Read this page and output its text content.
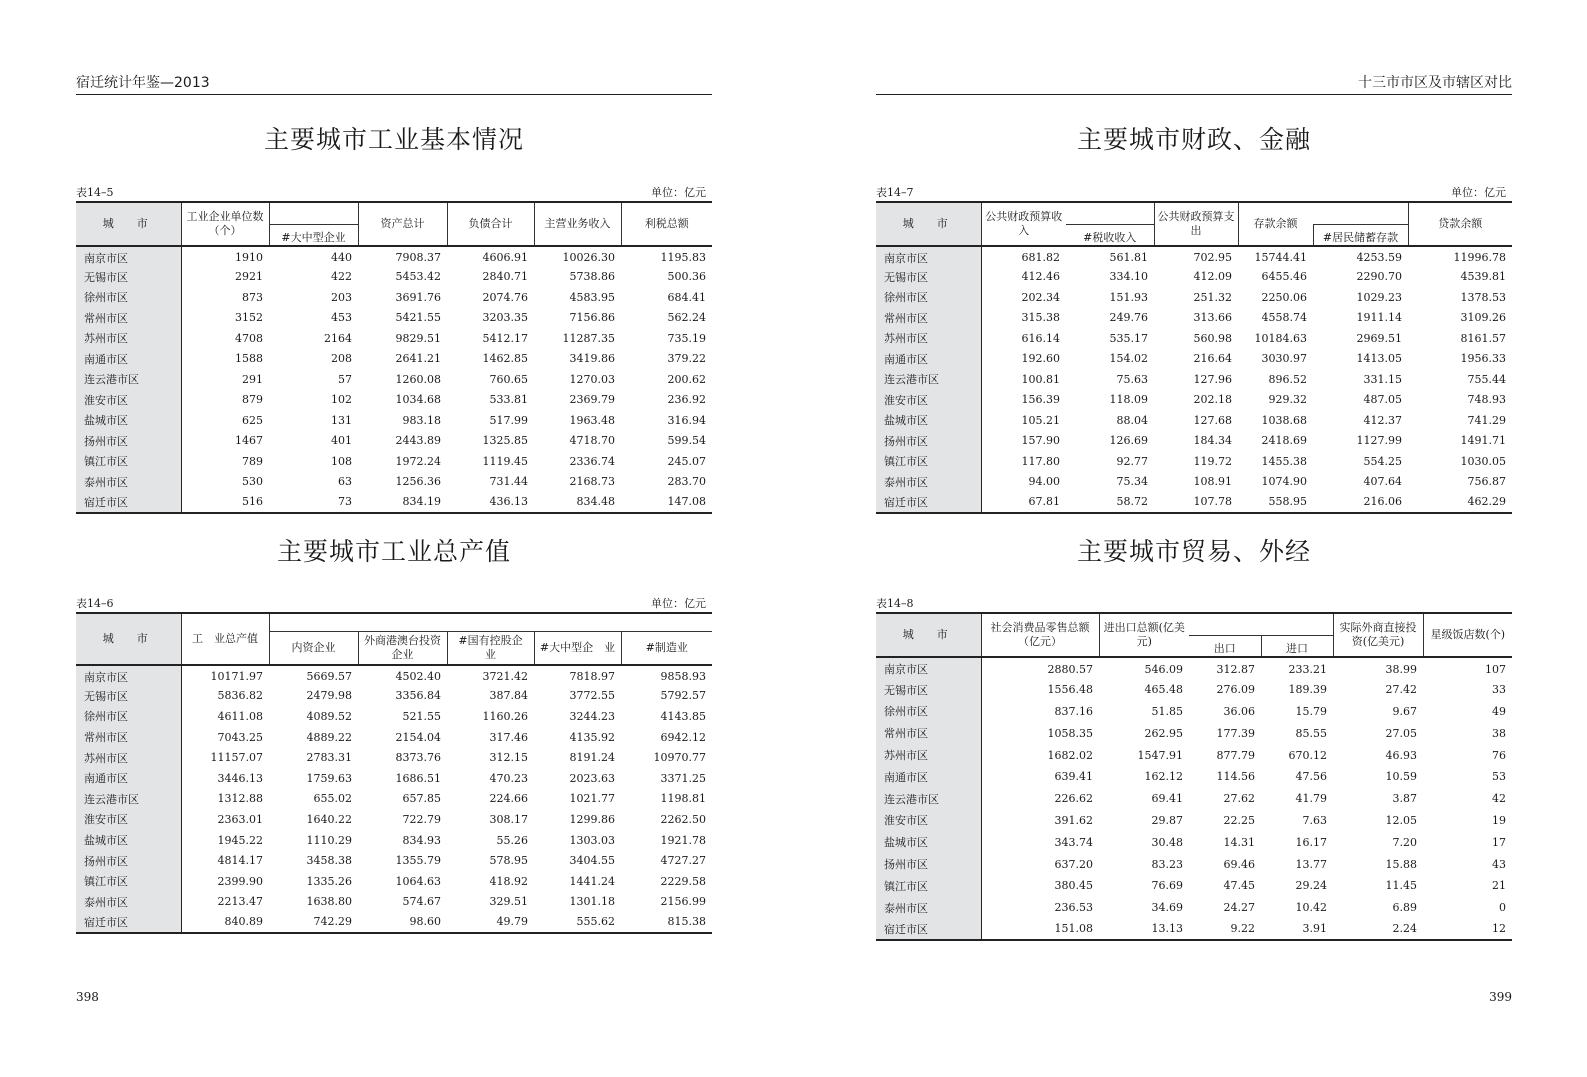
宿迁统计年鉴—2013
主要城市工业基本情况
表14–5	单位：亿元
城　市	工业企业单位数（个）		资产总计	负债合计	主营业务收入	利税总额
		#大中型企业				
南京市区	1910	440	7908.37	4606.91	10026.30	1195.83
无锡市区	2921	422	5453.42	2840.71	5738.86	500.36
徐州市区	873	203	3691.76	2074.76	4583.95	684.41
常州市区	3152	453	5421.55	3203.35	7156.86	562.24
苏州市区	4708	2164	9829.51	5412.17	11287.35	735.19
南通市区	1588	208	2641.21	1462.85	3419.86	379.22
连云港市区	291	57	1260.08	760.65	1270.03	200.62
淮安市区	879	102	1034.68	533.81	2369.79	236.92
盐城市区	625	131	983.18	517.99	1963.48	316.94
扬州市区	1467	401	2443.89	1325.85	4718.70	599.54
镇江市区	789	108	1972.24	1119.45	2336.74	245.07
泰州市区	530	63	1256.36	731.44	2168.73	283.70
宿迁市区	516	73	834.19	436.13	834.48	147.08
主要城市工业总产值
表14–6	单位：亿元
城　市	工　业总产值					
		内资企业	外商港澳台投资企业	#国有控股企　业	#大中型企　业	#制造业
南京市区	10171.97	5669.57	4502.40	3721.42	7818.97	9858.93
无锡市区	5836.82	2479.98	3356.84	387.84	3772.55	5792.57
徐州市区	4611.08	4089.52	521.55	1160.26	3244.23	4143.85
常州市区	7043.25	4889.22	2154.04	317.46	4135.92	6942.12
苏州市区	11157.07	2783.31	8373.76	312.15	8191.24	10970.77
南通市区	3446.13	1759.63	1686.51	470.23	2023.63	3371.25
连云港市区	1312.88	655.02	657.85	224.66	1021.77	1198.81
淮安市区	2363.01	1640.22	722.79	308.17	1299.86	2262.50
盐城市区	1945.22	1110.29	834.93	55.26	1303.03	1921.78
扬州市区	4814.17	3458.38	1355.79	578.95	3404.55	4727.27
镇江市区	2399.90	1335.26	1064.63	418.92	1441.24	2229.58
泰州市区	2213.47	1638.80	574.67	329.51	1301.18	2156.99
宿迁市区	840.89	742.29	98.60	49.79	555.62	815.38
398
十三市市区及市辖区对比
主要城市财政、金融
表14–7	单位：亿元
城　市	公共财政预算收入		公共财政预算支出	存款余额		贷款余额
		#税收收入			#居民储蓄存款	
南京市区	681.82	561.81	702.95	15744.41	4253.59	11996.78
无锡市区	412.46	334.10	412.09	6455.46	2290.70	4539.81
徐州市区	202.34	151.93	251.32	2250.06	1029.23	1378.53
常州市区	315.38	249.76	313.66	4558.74	1911.14	3109.26
苏州市区	616.14	535.17	560.98	10184.63	2969.51	8161.57
南通市区	192.60	154.02	216.64	3030.97	1413.05	1956.33
连云港市区	100.81	75.63	127.96	896.52	331.15	755.44
淮安市区	156.39	118.09	202.18	929.32	487.05	748.93
盐城市区	105.21	88.04	127.68	1038.68	412.37	741.29
扬州市区	157.90	126.69	184.34	2418.69	1127.99	1491.71
镇江市区	117.80	92.77	119.72	1455.38	554.25	1030.05
泰州市区	94.00	75.34	108.91	1074.90	407.64	756.87
宿迁市区	67.81	58.72	107.78	558.95	216.06	462.29
主要城市贸易、外经
表14–8
城　市	社会消费品零售总额（亿元）	进出口总额(亿美元)			实际外商直接投资(亿美元)	星级饭店数(个)
			出口	进口		
南京市区	2880.57	546.09	312.87	233.21	38.99	107
无锡市区	1556.48	465.48	276.09	189.39	27.42	33
徐州市区	837.16	51.85	36.06	15.79	9.67	49
常州市区	1058.35	262.95	177.39	85.55	27.05	38
苏州市区	1682.02	1547.91	877.79	670.12	46.93	76
南通市区	639.41	162.12	114.56	47.56	10.59	53
连云港市区	226.62	69.41	27.62	41.79	3.87	42
淮安市区	391.62	29.87	22.25	7.63	12.05	19
盐城市区	343.74	30.48	14.31	16.17	7.20	17
扬州市区	637.20	83.23	69.46	13.77	15.88	43
镇江市区	380.45	76.69	47.45	29.24	11.45	21
泰州市区	236.53	34.69	24.27	10.42	6.89	0
宿迁市区	151.08	13.13	9.22	3.91	2.24	12
399
